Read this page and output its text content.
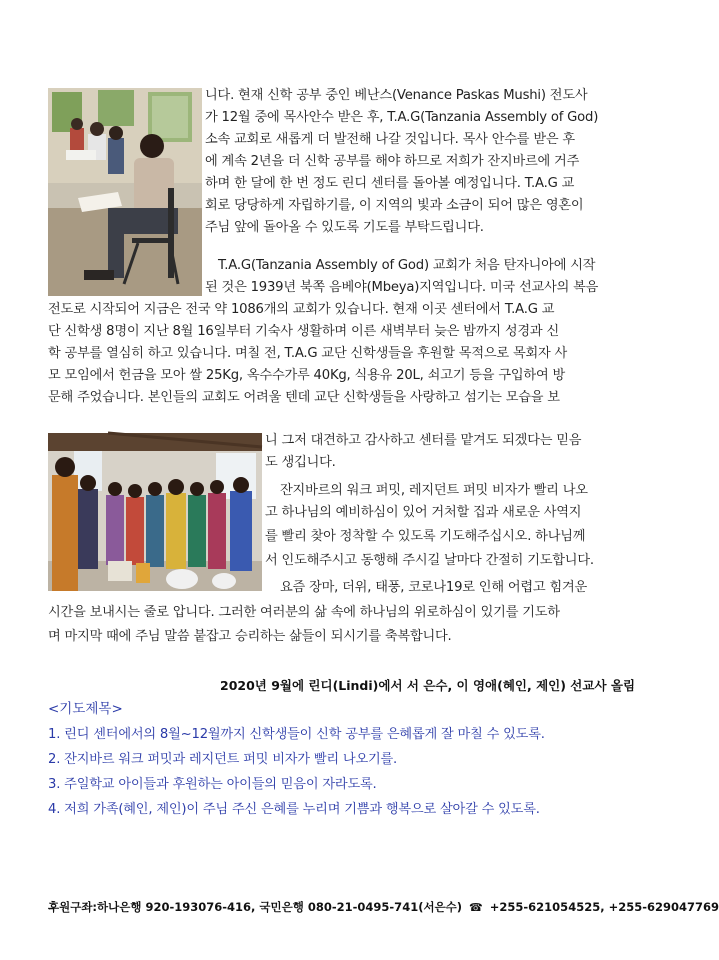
니다. 현재 신학 공부 중인 베난스(Venance Paskas Mushi) 전도사
가 12월 중에 목사안수 받은 후, T.A.G(Tanzania Assembly of God)
소속 교회로 새롭게 더 발전해 나갈 것입니다. 목사 안수를 받은 후
에 계속 2년을 더 신학 공부를 해야 하므로 저희가 잔지바르에 거주
하며 한 달에 한 번 정도 린디 센터를 돌아볼 예정입니다. T.A.G 교
회로 당당하게 자립하기를, 이 지역의 빛과 소금이 되어 많은 영혼이
주님 앞에 돌아올 수 있도록 기도를 부탁드립니다.
T.A.G(Tanzania Assembly of God) 교회가 처음 탄자니아에 시작
된 것은 1939년 북쪽 음베야(Mbeya)지역입니다. 미국 선교사의 복음
전도로 시작되어 지금은 전국 약 1086개의 교회가 있습니다. 현재 이곳 센터에서 T.A.G 교
단 신학생 8명이 지난 8월 16일부터 기숙사 생활하며 이른 새벽부터 늦은 밤까지 성경과 신
학 공부를 열심히 하고 있습니다. 며칠 전, T.A.G 교단 신학생들을 후원할 목적으로 목회자 사
모 모임에서 헌금을 모아 쌀 25Kg, 옥수수가루 40Kg, 식용유 20L, 쇠고기 등을 구입하여 방
문해 주었습니다. 본인들의 교회도 어려울 텐데 교단 신학생들을 사랑하고 섬기는 모습을 보
니 그저 대견하고 감사하고 센터를 맡겨도 되겠다는 믿음
도 생깁니다.
잔지바르의 워크 퍼밋, 레지던트 퍼밋 비자가 빨리 나오
고 하나님의 예비하심이 있어 거처할 집과 새로운 사역지
를 빨리 찾아 정착할 수 있도록 기도해주십시오. 하나님께
서 인도해주시고 동행해 주시길 날마다 간절히 기도합니다.
요즘 장마, 더위, 태풍, 코로나19로 인해 어렵고 힘겨운
시간을 보내시는 줄로 압니다. 그러한 여러분의 삶 속에 하나님의 위로하심이 있기를 기도하
며 마지막 때에 주님 말씀 붙잡고 승리하는 삶들이 되시기를 축복합니다.
2020년 9월에 린디(Lindi)에서 서 은수, 이 영애(혜인, 제인) 선교사 올림
<기도제목>
1. 린디 센터에서의 8월~12월까지 신학생들이 신학 공부를 은혜롭게 잘 마칠 수 있도록.
2. 잔지바르 워크 퍼밋과 레지던트 퍼밋 비자가 빨리 나오기를.
3. 주일학교 아이들과 후원하는 아이들의 믿음이 자라도록.
4. 저희 가족(혜인, 제인)이 주님 주신 은혜를 누리며 기쁨과 행복으로 살아갈 수 있도록.
후원구좌:하나은행 920-193076-416, 국민은행 080-21-0495-741(서은수) ☎ +255-621054525, +255-629047769
